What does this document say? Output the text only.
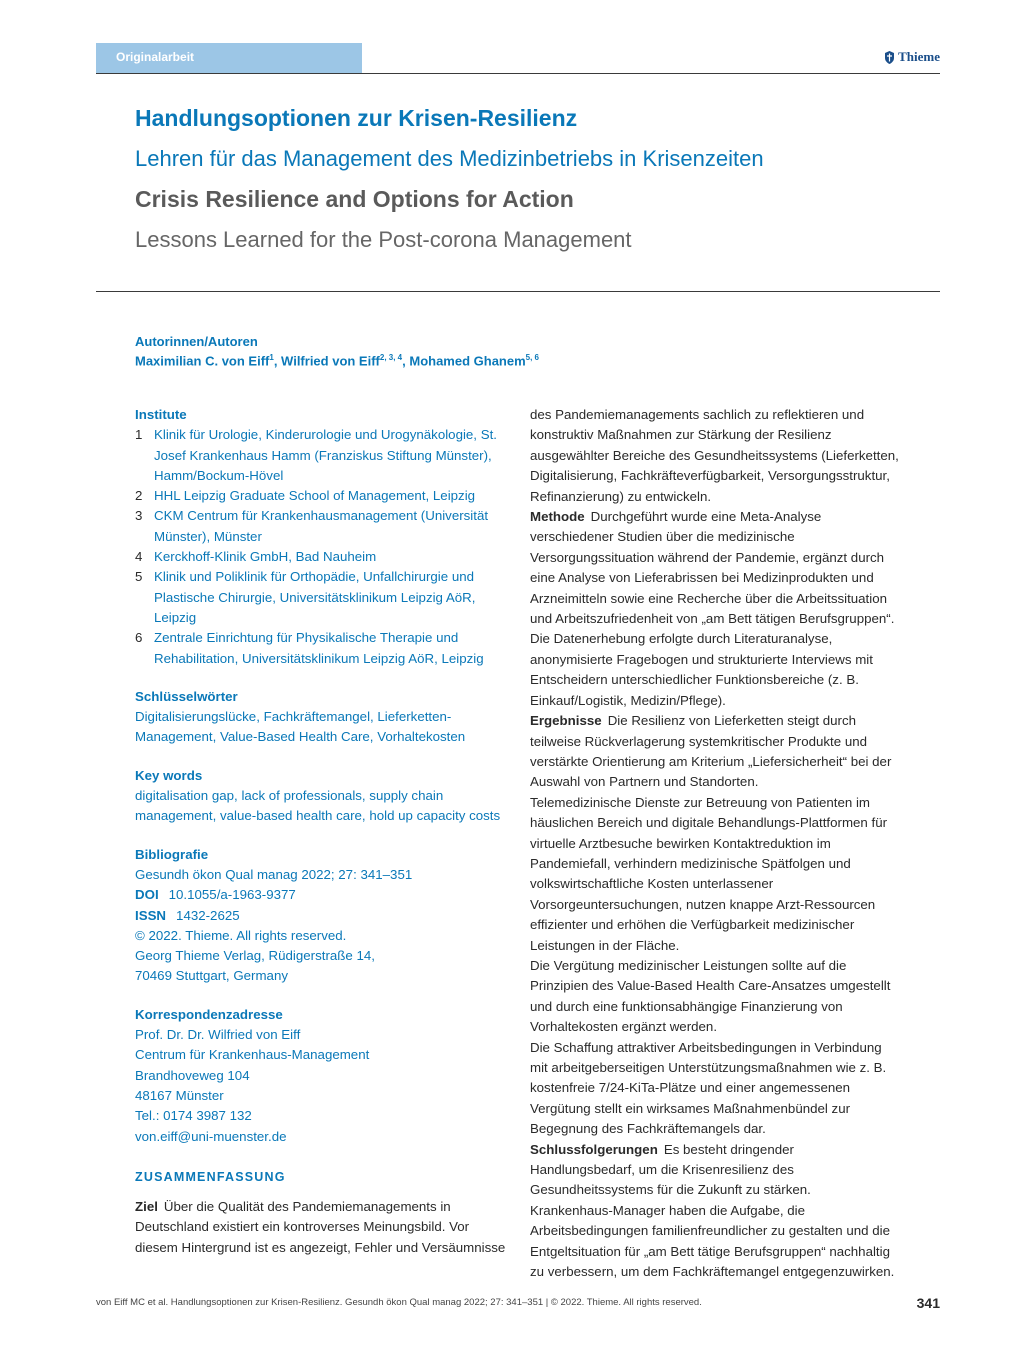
Originalarbeit	Thieme
Handlungsoptionen zur Krisen-Resilienz
Lehren für das Management des Medizinbetriebs in Krisenzeiten
Crisis Resilience and Options for Action
Lessons Learned for the Post-corona Management
Autorinnen/Autoren
Maximilian C. von Eiff$^1$, Wilfried von Eiff$^{2, 3, 4}$, Mohamed Ghanem$^{5, 6}$
Institute
1 Klinik für Urologie, Kinderurologie und Urogynäkologie, St. Josef Krankenhaus Hamm (Franziskus Stiftung Münster), Hamm/Bockum-Hövel
2 HHL Leipzig Graduate School of Management, Leipzig
3 CKM Centrum für Krankenhausmanagement (Universität Münster), Münster
4 Kerckhoff-Klinik GmbH, Bad Nauheim
5 Klinik und Poliklinik für Orthopädie, Unfallchirurgie und Plastische Chirurgie, Universitätsklinikum Leipzig AöR, Leipzig
6 Zentrale Einrichtung für Physikalische Therapie und Rehabilitation, Universitätsklinikum Leipzig AöR, Leipzig
Schlüsselwörter
Digitalisierungslücke, Fachkräftemangel, Lieferketten-Management, Value-Based Health Care, Vorhaltekosten
Key words
digitalisation gap, lack of professionals, supply chain management, value-based health care, hold up capacity costs
Bibliografie
Gesundh ökon Qual manag 2022; 27: 341–351
DOI 10.1055/a-1963-9377
ISSN 1432-2625
© 2022. Thieme. All rights reserved.
Georg Thieme Verlag, Rüdigerstraße 14,
70469 Stuttgart, Germany
Korrespondenzadresse
Prof. Dr. Dr. Wilfried von Eiff
Centrum für Krankenhaus-Management
Brandhoveweg 104
48167 Münster
Tel.: 0174 3987 132
von.eiff@uni-muenster.de
ZUSAMMENFASSUNG
Ziel Über die Qualität des Pandemiemanagements in Deutschland existiert ein kontroverses Meinungsbild. Vor diesem Hintergrund ist es angezeigt, Fehler und Versäumnisse

des Pandemiemanagements sachlich zu reflektieren und konstruktiv Maßnahmen zur Stärkung der Resilienz ausgewählter Bereiche des Gesundheitssystems (Lieferketten, Digitalisierung, Fachkräfteverfügbarkeit, Versorgungsstruktur, Refinanzierung) zu entwickeln.

Methode Durchgeführt wurde eine Meta-Analyse verschiedener Studien über die medizinische Versorgungssituation während der Pandemie, ergänzt durch eine Analyse von Lieferabrissen bei Medizinprodukten und Arzneimitteln sowie eine Recherche über die Arbeitssituation und Arbeitszufriedenheit von „am Bett tätigen Berufsgruppen“. Die Datenerhebung erfolgte durch Literaturanalyse, anonymisierte Fragebogen und strukturierte Interviews mit Entscheidern unterschiedlicher Funktionsbereiche (z. B. Einkauf/Logistik, Medizin/Pflege).

Ergebnisse Die Resilienz von Lieferketten steigt durch teilweise Rückverlagerung systemkritischer Produkte und verstärkte Orientierung am Kriterium „Liefersicherheit“ bei der Auswahl von Partnern und Standorten.

Telemedizinische Dienste zur Betreuung von Patienten im häuslichen Bereich und digitale Behandlungs-Plattformen für virtuelle Arztbesuche bewirken Kontaktreduktion im Pandemiefall, verhindern medizinische Spätfolgen und volkswirtschaftliche Kosten unterlassener Vorsorgeuntersuchungen, nutzen knappe Arzt-Ressourcen effizienter und erhöhen die Verfügbarkeit medizinischer Leistungen in der Fläche.

Die Vergütung medizinischer Leistungen sollte auf die Prinzipien des Value-Based Health Care-Ansatzes umgestellt und durch eine funktionsabhängige Finanzierung von Vorhaltekosten ergänzt werden.

Die Schaffung attraktiver Arbeitsbedingungen in Verbindung mit arbeitgeberseitigen Unterstützungsmaßnahmen wie z. B. kostenfreie 7/24-KiTa-Plätze und einer angemessenen Vergütung stellt ein wirksames Maßnahmenbündel zur Begegnung des Fachkräftemangels dar.

Schlussfolgerungen Es besteht dringender Handlungsbedarf, um die Krisenresilienz des Gesundheitssystems für die Zukunft zu stärken.

Krankenhaus-Manager haben die Aufgabe, die Arbeitsbedingungen familienfreundlicher zu gestalten und die Entgeltsituation für „am Bett tätige Berufsgruppen“ nachhaltig zu verbessern, um dem Fachkräftemangel entgegenzuwirken.

von Eiff MC et al. Handlungsoptionen zur Krisen-Resilienz. Gesundh ökon Qual manag 2022; 27: 341–351 | © 2022. Thieme. All rights reserved.	341
